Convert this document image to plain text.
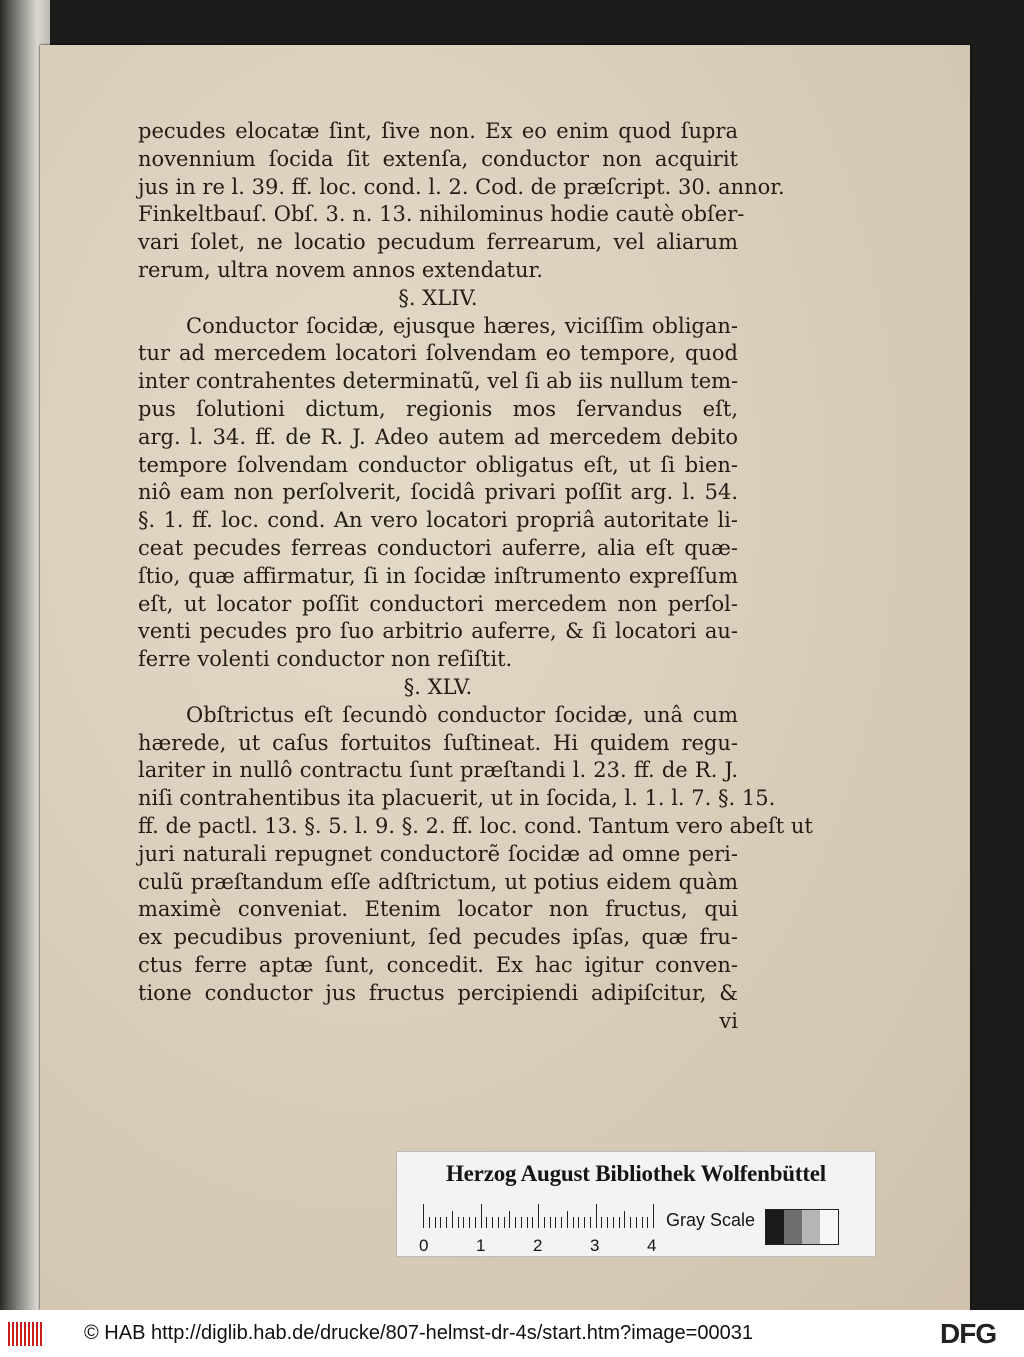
pecudes elocatæ ſint, ſive non. Ex eo enim quod ſupra
novennium ſocida ſit extenſa, conductor non acquirit
jus in re l. 39. ff. loc. cond. l. 2. Cod. de præſcript. 30. annor.
Finkeltbauſ. Obſ. 3. n. 13. nihilominus hodie cautè obſer-
vari ſolet, ne locatio pecudum ferrearum, vel aliarum
rerum, ultra novem annos extendatur.
§. XLIV.
Conductor ſocidæ, ejusque hæres, viciſſim obligan-
tur ad mercedem locatori ſolvendam eo tempore, quod
inter contrahentes determinatũ, vel ſi ab iis nullum tem-
pus ſolutioni dictum, regionis mos ſervandus eſt,
arg. l. 34. ff. de R. J. Adeo autem ad mercedem debito
tempore ſolvendam conductor obligatus eſt, ut ſi bien-
niô eam non perſolverit, ſocidâ privari poſſit arg. l. 54.
§. 1. ff. loc. cond. An vero locatori propriâ autoritate li-
ceat pecudes ferreas conductori auferre, alia eſt quæ-
ſtio, quæ affirmatur, ſi in ſocidæ inſtrumento expreſſum
eſt, ut locator poſſit conductori mercedem non perſol-
venti pecudes pro ſuo arbitrio auferre, & ſi locatori au-
ferre volenti conductor non reſiſtit.
§. XLV.
Obſtrictus eſt ſecundò conductor ſocidæ, unâ cum
hærede, ut caſus fortuitos ſuſtineat. Hi quidem regu-
lariter in nullô contractu ſunt præſtandi l. 23. ff. de R. J.
niſi contrahentibus ita placuerit, ut in ſocida, l. 1. l. 7. §. 15.
ff. de pactl. 13. §. 5. l. 9. §. 2. ff. loc. cond. Tantum vero abeſt ut
juri naturali repugnet conductorẽ ſocidæ ad omne peri-
culũ præſtandum eſſe adſtrictum, ut potius eidem quàm
maximè conveniat. Etenim locator non fructus, qui
ex pecudibus proveniunt, ſed pecudes ipſas, quæ fru-
ctus ferre aptæ ſunt, concedit. Ex hac igitur conven-
tione conductor jus fructus percipiendi adipiſcitur, &
vi
Herzog August Bibliothek Wolfenbüttel
0	1	2	3	4
Gray Scale
© HAB http://diglib.hab.de/drucke/807-helmst-dr-4s/start.htm?image=00031	DFG
